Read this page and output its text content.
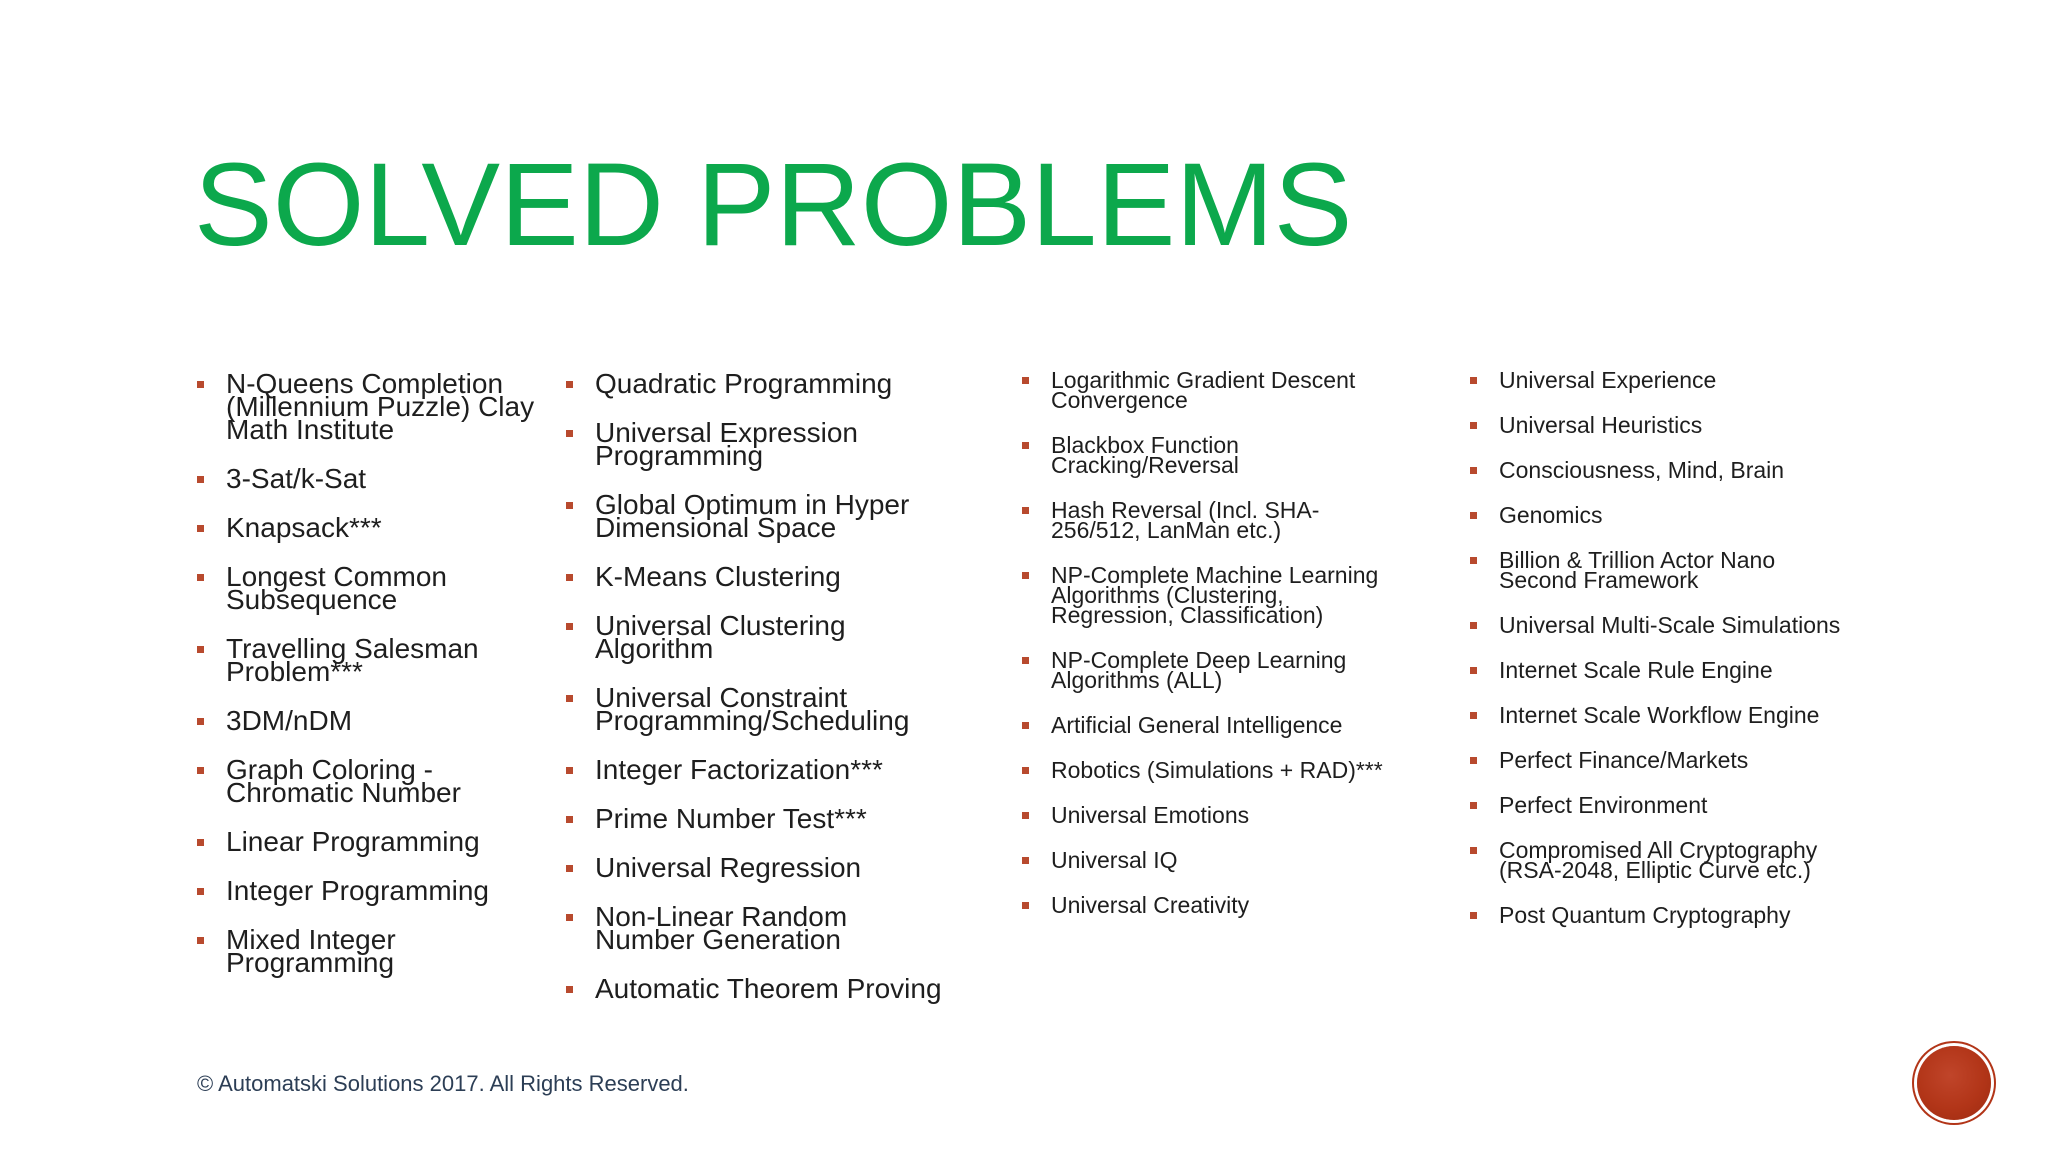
SOLVED PROBLEMS
N-Queens Completion
(Millennium Puzzle) Clay
Math Institute
3-Sat/k-Sat
Knapsack***
Longest Common
Subsequence
Travelling Salesman
Problem***
3DM/nDM
Graph Coloring -
Chromatic Number
Linear Programming
Integer Programming
Mixed Integer
Programming
Quadratic Programming
Universal Expression
Programming
Global Optimum in Hyper
Dimensional Space
K-Means Clustering
Universal Clustering
Algorithm
Universal Constraint
Programming/Scheduling
Integer Factorization***
Prime Number Test***
Universal Regression
Non-Linear Random
Number Generation
Automatic Theorem Proving
Logarithmic Gradient Descent
Convergence
Blackbox Function
Cracking/Reversal
Hash Reversal (Incl. SHA-
256/512, LanMan etc.)
NP-Complete Machine Learning
Algorithms (Clustering,
Regression, Classification)
NP-Complete Deep Learning
Algorithms (ALL)
Artificial General Intelligence
Robotics (Simulations + RAD)***
Universal Emotions
Universal IQ
Universal Creativity
Universal Experience
Universal Heuristics
Consciousness, Mind, Brain
Genomics
Billion & Trillion Actor Nano
Second Framework
Universal Multi-Scale Simulations
Internet Scale Rule Engine
Internet Scale Workflow Engine
Perfect Finance/Markets
Perfect Environment
Compromised All Cryptography
(RSA-2048, Elliptic Curve etc.)
Post Quantum Cryptography
© Automatski Solutions 2017. All Rights Reserved.
